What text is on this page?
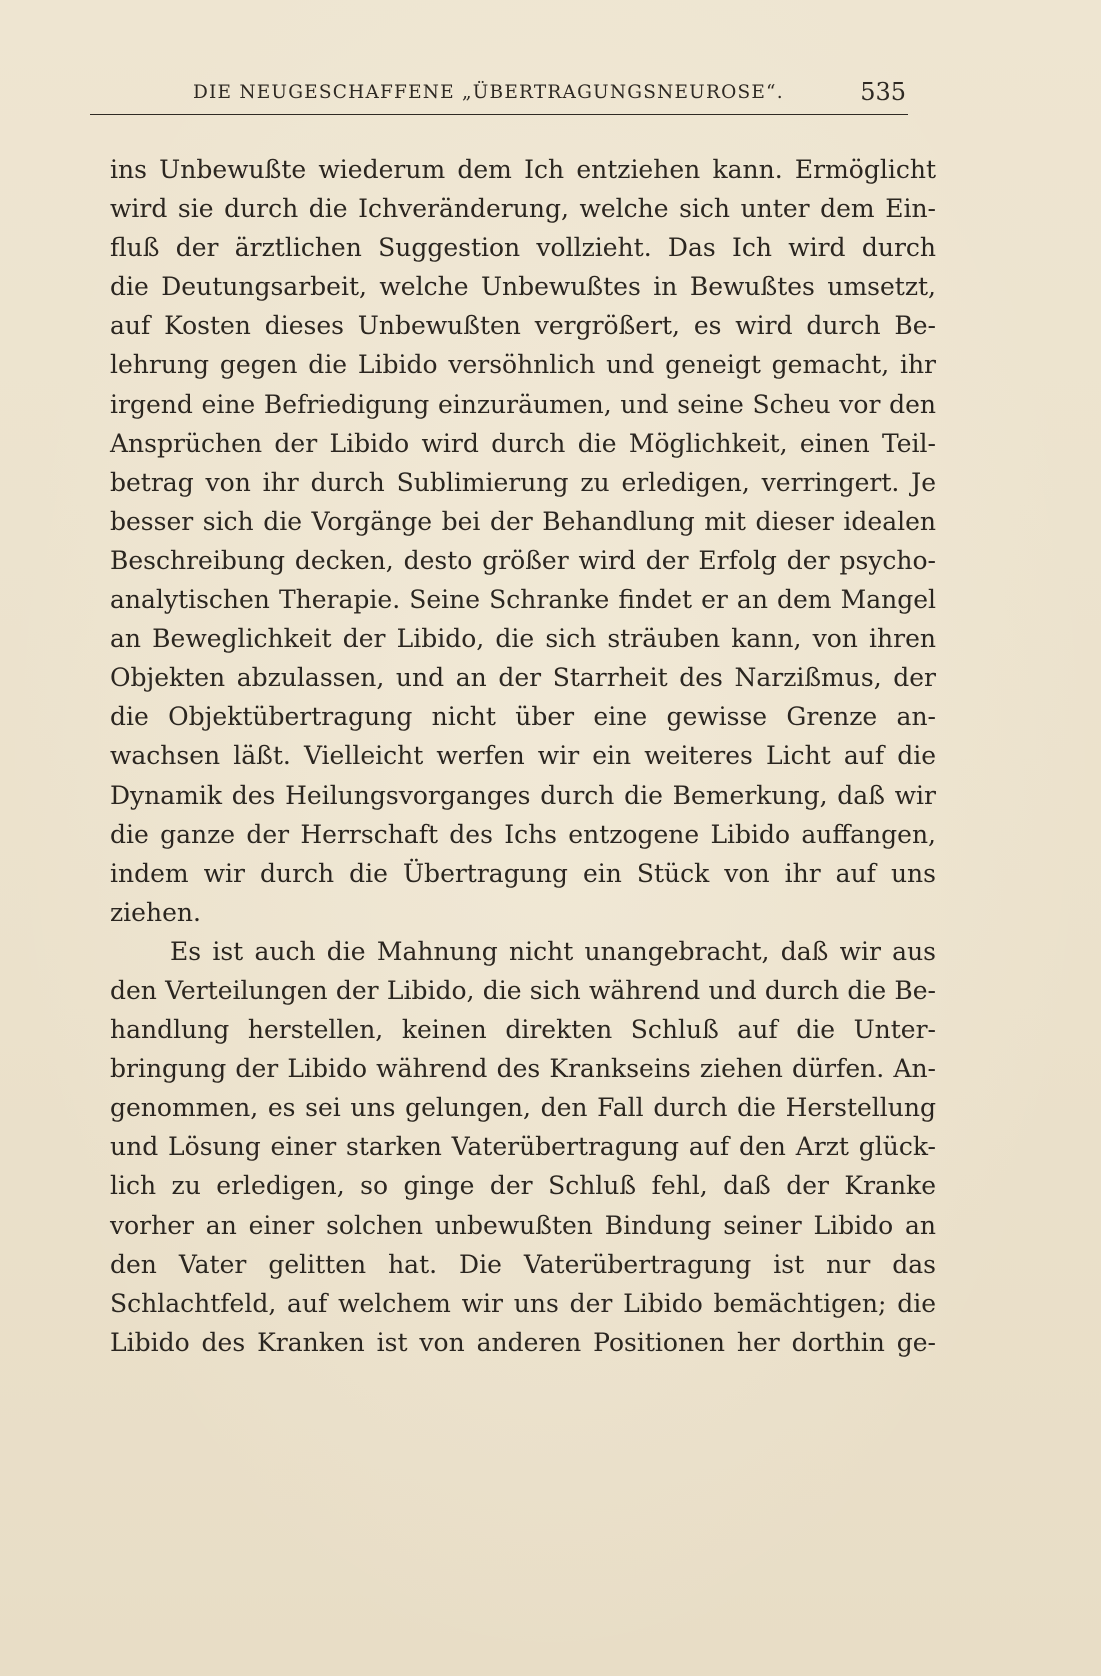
DIE NEUGESCHAFFENE „ÜBERTRAGUNGSNEUROSE“.	535
ins Unbewußte wiederum dem Ich entziehen kann. Ermöglicht
wird sie durch die Ichveränderung, welche sich unter dem Ein-
fluß der ärztlichen Suggestion vollzieht. Das Ich wird durch
die Deutungsarbeit, welche Unbewußtes in Bewußtes umsetzt,
auf Kosten dieses Unbewußten vergrößert, es wird durch Be-
lehrung gegen die Libido versöhnlich und geneigt gemacht, ihr
irgend eine Befriedigung einzuräumen, und seine Scheu vor den
Ansprüchen der Libido wird durch die Möglichkeit, einen Teil-
betrag von ihr durch Sublimierung zu erledigen, verringert. Je
besser sich die Vorgänge bei der Behandlung mit dieser idealen
Beschreibung decken, desto größer wird der Erfolg der psycho-
analytischen Therapie. Seine Schranke findet er an dem Mangel
an Beweglichkeit der Libido, die sich sträuben kann, von ihren
Objekten abzulassen, und an der Starrheit des Narzißmus, der
die Objektübertragung nicht über eine gewisse Grenze an-
wachsen läßt. Vielleicht werfen wir ein weiteres Licht auf die
Dynamik des Heilungsvorganges durch die Bemerkung, daß wir
die ganze der Herrschaft des Ichs entzogene Libido auffangen,
indem wir durch die Übertragung ein Stück von ihr auf uns
ziehen.
Es ist auch die Mahnung nicht unangebracht, daß wir aus
den Verteilungen der Libido, die sich während und durch die Be-
handlung herstellen, keinen direkten Schluß auf die Unter-
bringung der Libido während des Krankseins ziehen dürfen. An-
genommen, es sei uns gelungen, den Fall durch die Herstellung
und Lösung einer starken Vaterübertragung auf den Arzt glück-
lich zu erledigen, so ginge der Schluß fehl, daß der Kranke
vorher an einer solchen unbewußten Bindung seiner Libido an
den Vater gelitten hat. Die Vaterübertragung ist nur das
Schlachtfeld, auf welchem wir uns der Libido bemächtigen; die
Libido des Kranken ist von anderen Positionen her dorthin ge-
